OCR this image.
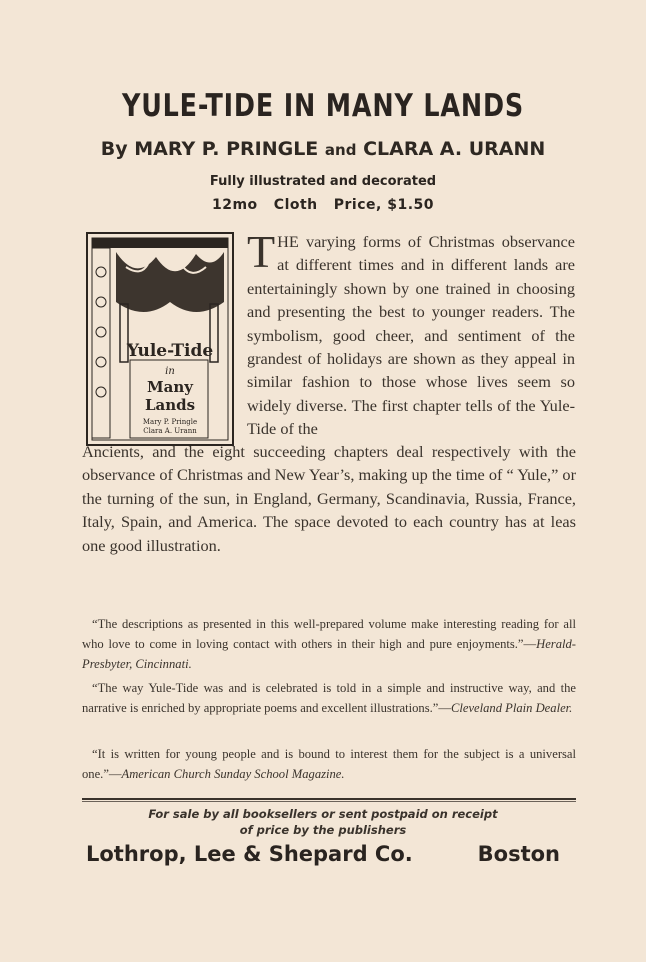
YULE-TIDE IN MANY LANDS
By MARY P. PRINGLE and CLARA A. URANN
Fully illustrated and decorated
12mo   Cloth   Price, $1.50
Yule-Tide
in
Many
Lands
Mary P. Pringle
Clara A. Urann

THE varying forms of Christmas observance at different times and in different lands are entertainingly shown by one trained in choosing and presenting the best to younger readers. The symbolism, good cheer, and sentiment of the grandest of holidays are shown as they appeal in similar fashion to those whose lives seem so widely diverse. The first chapter tells of the Yule-Tide of the

Ancients, and the eight succeeding chapters deal respectively with the observance of Christmas and New Year’s, making up the time of “ Yule,” or the turning of the sun, in England, Germany, Scandinavia, Russia, France, Italy, Spain, and America. The space devoted to each country has at leas one good illustration.

“The descriptions as presented in this well-prepared volume make interesting reading for all who love to come in loving contact with others in their high and pure enjoyments.”—Herald-Presbyter, Cincinnati.

“The way Yule-Tide was and is celebrated is told in a simple and instructive way, and the narrative is enriched by appropriate poems and excellent illustrations.”—Cleveland Plain Dealer.

“It is written for young people and is bound to interest them for the subject is a universal one.”—American Church Sunday School Magazine.

For sale by all booksellers or sent postpaid on receipt
of price by the publishers
Lothrop, Lee & Shepard Co.	Boston
